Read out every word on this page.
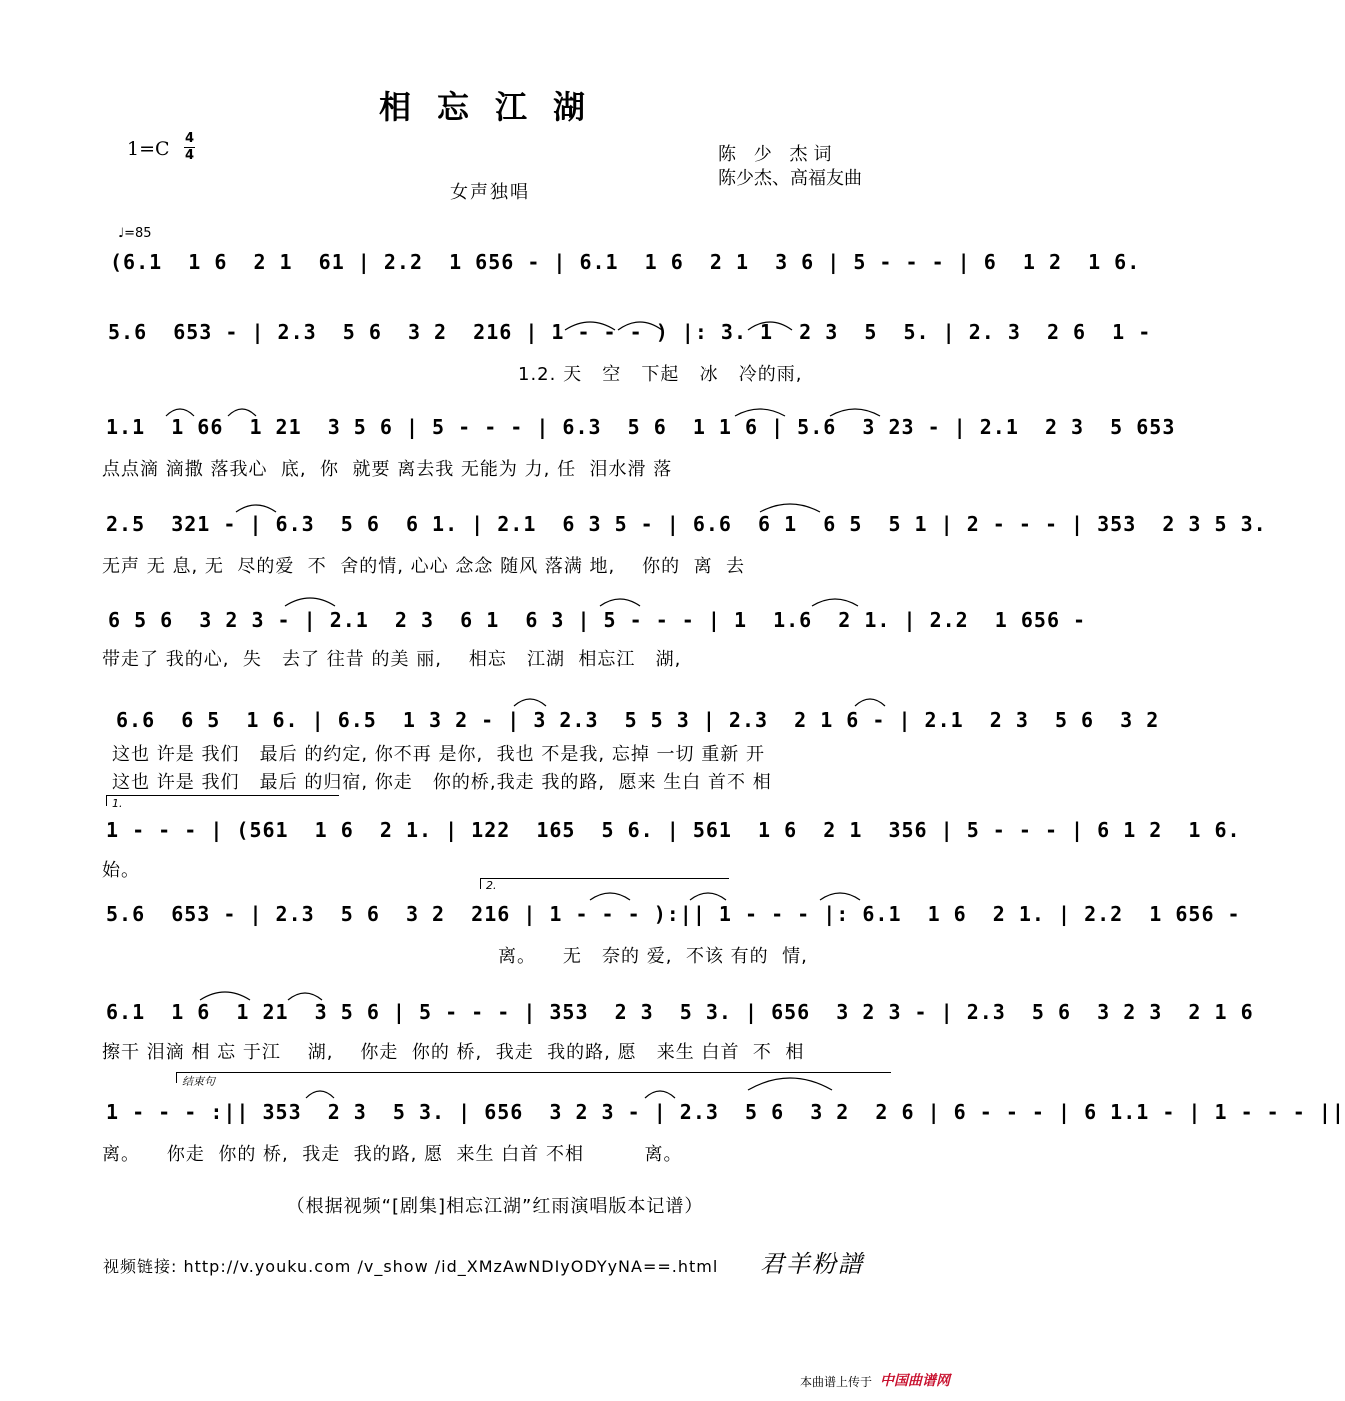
相忘江湖
1=C 4
4	陈 少 杰词
陈少杰、高福友曲
女声独唱
♩=85
(6.1  1 6  2 1  61 | 2.2  1 656 - | 6.1  1 6  2 1  3 6 | 5 - - - | 6  1 2  1 6.
5.6  653 - | 2.3  5 6  3 2  216 | 1 - - - ) |: 3. 1  2 3  5  5. | 2. 3  2 6  1 -
1.2. 天   空   下起   冰   冷的雨,
1.1  1 66  1 21  3 5 6 | 5 - - - | 6.3  5 6  1 1 6 | 5.6  3 23 - | 2.1  2 3  5 653
点点滴 滴撒 落我心  底,  你  就要 离去我 无能为 力, 任  泪水滑 落
2.5  321 - | 6.3  5 6  6 1. | 2.1  6 3 5 - | 6.6  6 1  6 5  5 1 | 2 - - - | 353  2 3 5 3.
无声 无 息, 无  尽的爱  不  舍的情, 心心 念念 随风 落满 地,    你的  离  去
6 5 6  3 2 3 - | 2.1  2 3  6 1  6 3 | 5 - - - | 1  1.6  2 1. | 2.2  1 656 -
带走了 我的心,  失   去了 往昔 的美 丽,    相忘   江湖  相忘江   湖,
6.6  6 5  1 6. | 6.5  1 3 2 - | 3 2.3  5 5 3 | 2.3  2 1 6 - | 2.1  2 3  5 6  3 2
这也 许是 我们   最后 的约定, 你不再 是你,  我也 不是我, 忘掉 一切 重新 开
这也 许是 我们   最后 的归宿, 你走   你的桥,我走 我的路,  愿来 生白 首不 相
1.
1 - - - | (561  1 6  2 1. | 122  165  5 6. | 561  1 6  2 1  356 | 5 - - - | 6 1 2  1 6.
始。
2.
5.6  653 - | 2.3  5 6  3 2  216 | 1 - - - ):|| 1 - - - |: 6.1  1 6  2 1. | 2.2  1 656 -
离。    无   奈的 爱,  不该 有的  情,
6.1  1 6  1 21  3 5 6 | 5 - - - | 353  2 3  5 3. | 656  3 2 3 - | 2.3  5 6  3 2 3  2 1 6
擦干 泪滴 相 忘 于江    湖,    你走  你的 桥,  我走  我的路, 愿   来生 白首  不  相
结束句
1 - - - :|| 353  2 3  5 3. | 656  3 2 3 - | 2.3  5 6  3 2  2 6 | 6 - - - | 6 1.1 - | 1 - - - ||
离。    你走  你的 桥,  我走  我的路, 愿  来生 白首 不相         离。
（根据视频“[剧集]相忘江湖”红雨演唱版本记谱）
视频链接: http://v.youku.com /v_show /id_XMzAwNDIyODYyNA==.html 君羊粉譜
本曲谱上传于 中国曲谱网
